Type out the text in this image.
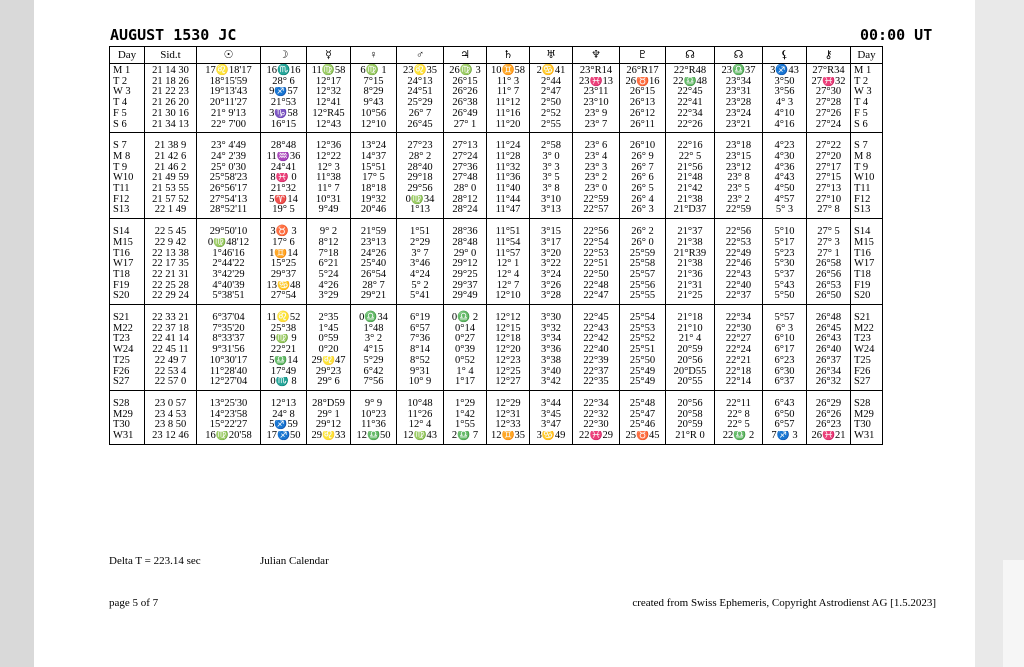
AUGUST 1530 JC	00:00 UT
Day	Sid.t	☉	☽	☿	♀	♂	♃	♄	♅	♆	♇	☊	☊	⚸	⚷	Day
M 1	21 14 30	17♌18'17	16♏16	11♍58	6♍ 1	23♌35	26♍ 3	10♊58	2♋41	23°R14	26°R17	22°R48	23♎37	3♐43	27°R34	M 1
T 2	21 18 26	18°15'59	28° 6	12°17	7°15	24°13	26°15	11° 3	2°44	23♓13	26♉16	22♎48	23°34	3°50	27♓32	T 2
W 3	21 22 23	19°13'43	9♐57	12°32	8°29	24°51	26°26	11° 7	2°47	23°11	26°15	22°45	23°31	3°56	27°30	W 3
T 4	21 26 20	20°11'27	21°53	12°41	9°43	25°29	26°38	11°12	2°50	23°10	26°13	22°41	23°28	4° 3	27°28	T 4
F 5	21 30 16	21° 9'13	3♑58	12°R45	10°56	26° 7	26°49	11°16	2°52	23° 9	26°12	22°34	23°24	4°10	27°26	F 5
S 6	21 34 13	22° 7'00	16°15	12°43	12°10	26°45	27° 1	11°20	2°55	23° 7	26°11	22°26	23°21	4°16	27°24	S 6
S 7	21 38 9	23° 4'49	28°48	12°36	13°24	27°23	27°13	11°24	2°58	23° 6	26°10	22°16	23°18	4°23	27°22	S 7
M 8	21 42 6	24° 2'39	11♒36	12°22	14°37	28° 2	27°24	11°28	3° 0	23° 4	26° 9	22° 5	23°15	4°30	27°20	M 8
T 9	21 46 2	25° 0'30	24°41	12° 3	15°51	28°40	27°36	11°32	3° 3	23° 3	26° 7	21°56	23°12	4°36	27°17	T 9
W10	21 49 59	25°58'23	8♓ 0	11°38	17° 5	29°18	27°48	11°36	3° 5	23° 2	26° 6	21°48	23° 8	4°43	27°15	W10
T11	21 53 55	26°56'17	21°32	11° 7	18°18	29°56	28° 0	11°40	3° 8	23° 0	26° 5	21°42	23° 5	4°50	27°13	T11
F12	21 57 52	27°54'13	5♈14	10°31	19°32	0♍34	28°12	11°44	3°10	22°59	26° 4	21°38	23° 2	4°57	27°10	F12
S13	22 1 49	28°52'11	19° 5	9°49	20°46	1°13	28°24	11°47	3°13	22°57	26° 3	21°D37	22°59	5° 3	27° 8	S13
S14	22 5 45	29°50'10	3♉ 3	9° 2	21°59	1°51	28°36	11°51	3°15	22°56	26° 2	21°37	22°56	5°10	27° 5	S14
M15	22 9 42	0♍48'12	17° 6	8°12	23°13	2°29	28°48	11°54	3°17	22°54	26° 0	21°38	22°53	5°17	27° 3	M15
T16	22 13 38	1°46'16	1♊14	7°18	24°26	3° 7	29° 0	11°57	3°20	22°53	25°59	21°R39	22°49	5°23	27° 1	T16
W17	22 17 35	2°44'22	15°25	6°21	25°40	3°46	29°12	12° 1	3°22	22°51	25°58	21°38	22°46	5°30	26°58	W17
T18	22 21 31	3°42'29	29°37	5°24	26°54	4°24	29°25	12° 4	3°24	22°50	25°57	21°36	22°43	5°37	26°56	T18
F19	22 25 28	4°40'39	13♋48	4°26	28° 7	5° 2	29°37	12° 7	3°26	22°48	25°56	21°31	22°40	5°43	26°53	F19
S20	22 29 24	5°38'51	27°54	3°29	29°21	5°41	29°49	12°10	3°28	22°47	25°55	21°25	22°37	5°50	26°50	S20
S21	22 33 21	6°37'04	11♌52	2°35	0♎34	6°19	0♎ 2	12°12	3°30	22°45	25°54	21°18	22°34	5°57	26°48	S21
M22	22 37 18	7°35'20	25°38	1°45	1°48	6°57	0°14	12°15	3°32	22°43	25°53	21°10	22°30	6° 3	26°45	M22
T23	22 41 14	8°33'37	9♍ 9	0°59	3° 2	7°36	0°27	12°18	3°34	22°42	25°52	21° 4	22°27	6°10	26°43	T23
W24	22 45 11	9°31'56	22°21	0°20	4°15	8°14	0°39	12°20	3°36	22°40	25°51	20°59	22°24	6°17	26°40	W24
T25	22 49 7	10°30'17	5♎14	29♌47	5°29	8°52	0°52	12°23	3°38	22°39	25°50	20°56	22°21	6°23	26°37	T25
F26	22 53 4	11°28'40	17°49	29°23	6°42	9°31	1° 4	12°25	3°40	22°37	25°49	20°D55	22°18	6°30	26°34	F26
S27	22 57 0	12°27'04	0♏ 8	29° 6	7°56	10° 9	1°17	12°27	3°42	22°35	25°49	20°55	22°14	6°37	26°32	S27
S28	23 0 57	13°25'30	12°13	28°D59	9° 9	10°48	1°29	12°29	3°44	22°34	25°48	20°56	22°11	6°43	26°29	S28
M29	23 4 53	14°23'58	24° 8	29° 1	10°23	11°26	1°42	12°31	3°45	22°32	25°47	20°58	22° 8	6°50	26°26	M29
T30	23 8 50	15°22'27	5♐59	29°12	11°36	12° 4	1°55	12°33	3°47	22°30	25°46	20°59	22° 5	6°57	26°23	T30
W31	23 12 46	16♍20'58	17♐50	29♌33	12♎50	12♍43	2♎ 7	12♊35	3♋49	22♓29	25♉45	21°R 0	22♎ 2	7♐ 3	26♓21	W31
Delta T = 223.14 sec	Julian Calendar
page 5 of 7	created from Swiss Ephemeris, Copyright Astrodienst AG [1.5.2023]
